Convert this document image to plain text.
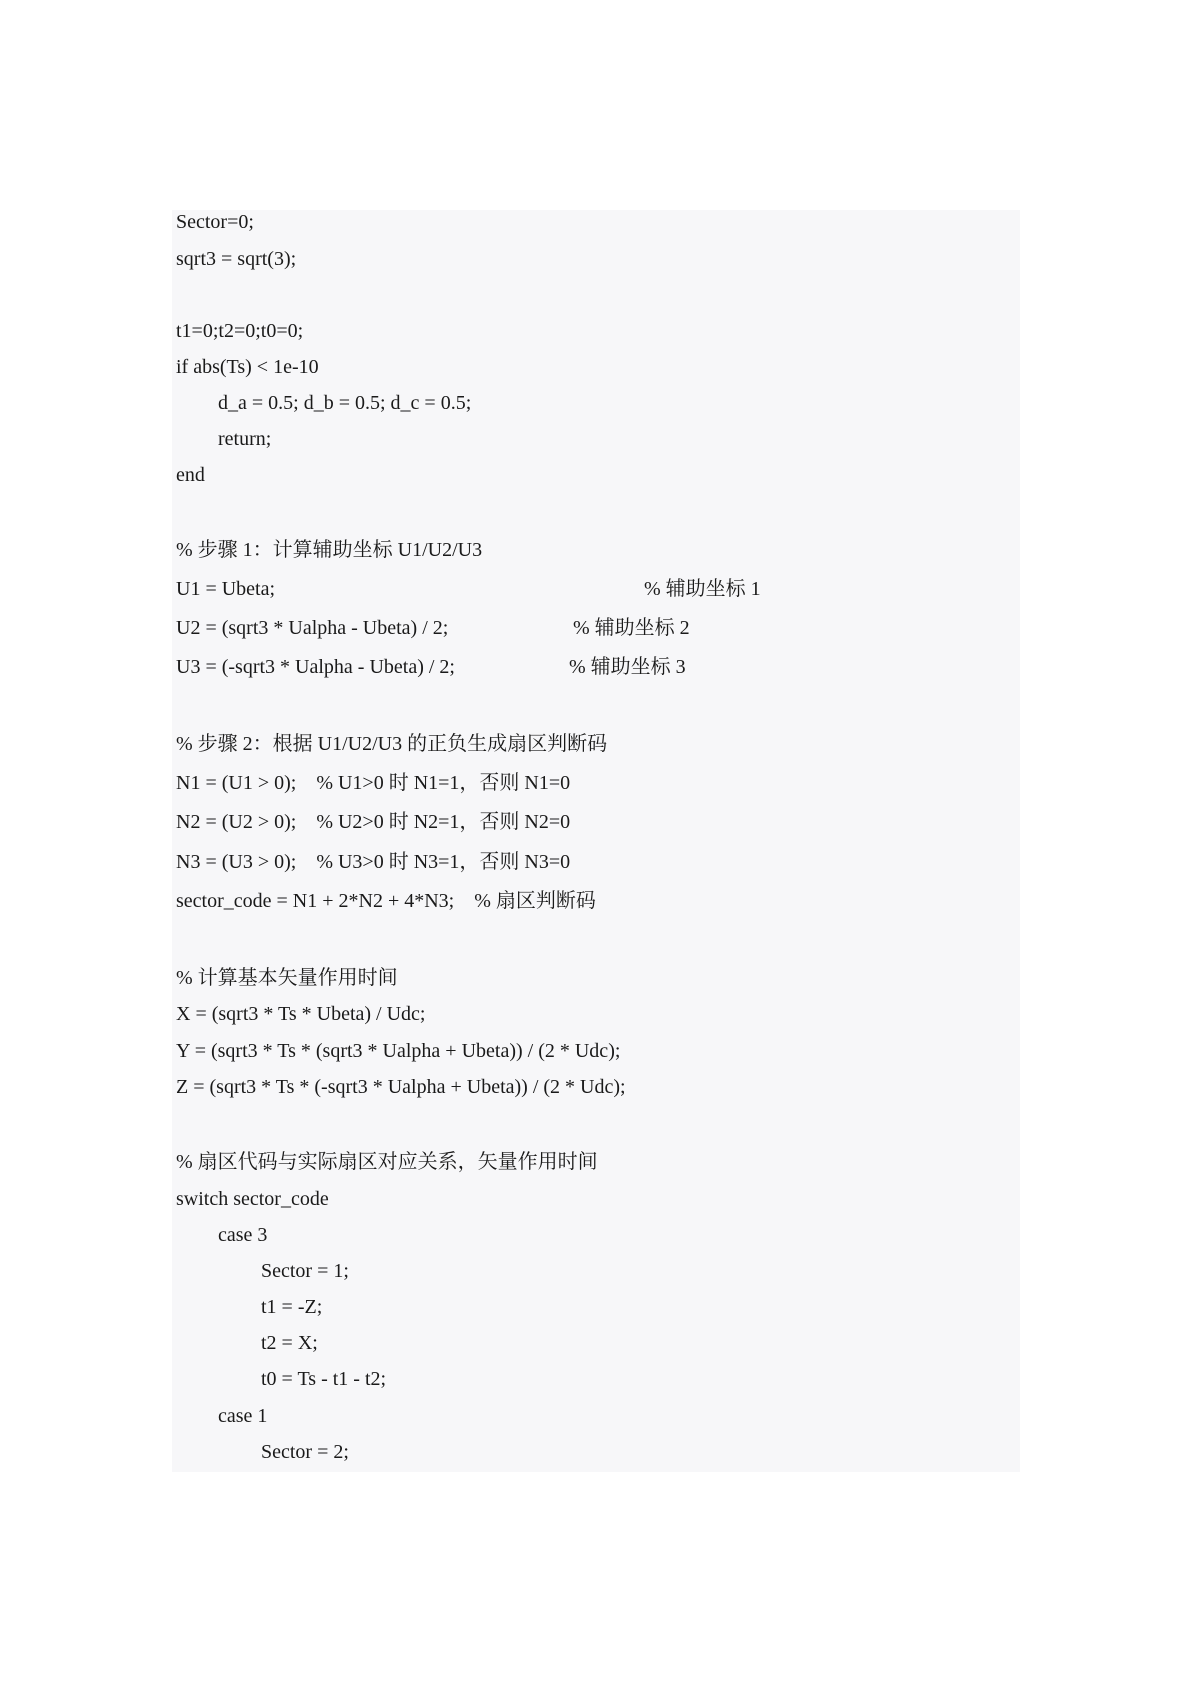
Sector=0;
sqrt3 = sqrt(3);
t1=0;t2=0;t0=0;
if abs(Ts) < 1e-10
d_a = 0.5; d_b = 0.5; d_c = 0.5;
return;
end
% 步骤 1：计算辅助坐标 U1/U2/U3
U1 = Ubeta;	% 辅助坐标 1
U2 = (sqrt3 * Ualpha - Ubeta) / 2;	% 辅助坐标 2
U3 = (-sqrt3 * Ualpha - Ubeta) / 2;	% 辅助坐标 3
% 步骤 2：根据 U1/U2/U3 的正负生成扇区判断码
N1 = (U1 > 0);    % U1>0 时 N1=1，否则 N1=0
N2 = (U2 > 0);    % U2>0 时 N2=1，否则 N2=0
N3 = (U3 > 0);    % U3>0 时 N3=1，否则 N3=0
sector_code = N1 + 2*N2 + 4*N3;    % 扇区判断码
% 计算基本矢量作用时间
X = (sqrt3 * Ts * Ubeta) / Udc;
Y = (sqrt3 * Ts * (sqrt3 * Ualpha + Ubeta)) / (2 * Udc);
Z = (sqrt3 * Ts * (-sqrt3 * Ualpha + Ubeta)) / (2 * Udc);
% 扇区代码与实际扇区对应关系，矢量作用时间
switch sector_code
case 3
Sector = 1;
t1 = -Z;
t2 = X;
t0 = Ts - t1 - t2;
case 1
Sector = 2;
